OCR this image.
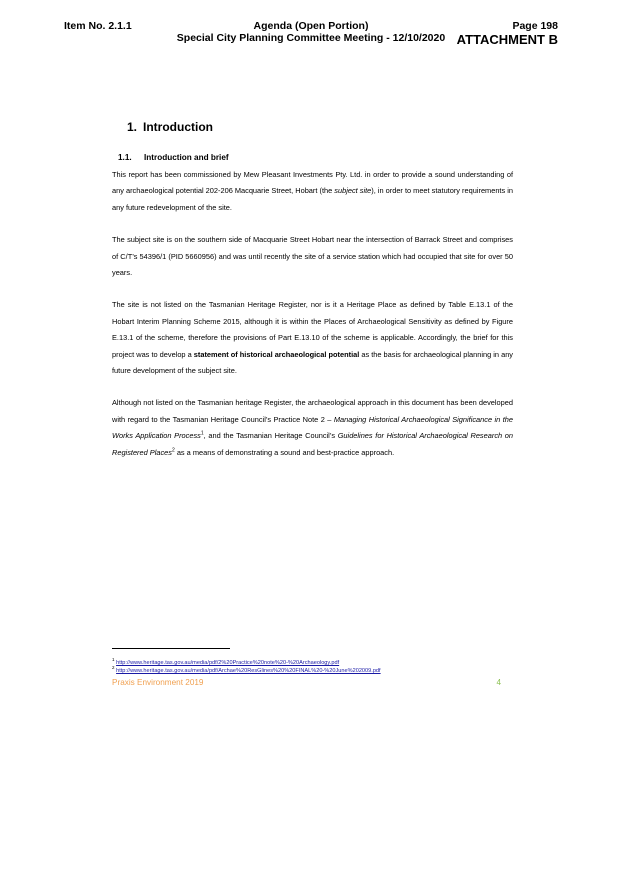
Item No. 2.1.1	Agenda (Open Portion)
Special City Planning Committee Meeting - 12/10/2020
Page 198
ATTACHMENT B
1. Introduction
1.1. Introduction and brief

This report has been commissioned by Mew Pleasant Investments Pty. Ltd. in order to provide a sound understanding of any archaeological potential 202-206 Macquarie Street, Hobart (the subject site), in order to meet statutory requirements in any future redevelopment of the site.

The subject site is on the southern side of Macquarie Street Hobart near the intersection of Barrack Street and comprises of C/T’s 54396/1 (PID 5660956) and was until recently the site of a service station which had occupied that site for over 50 years.

The site is not listed on the Tasmanian Heritage Register, nor is it a Heritage Place as defined by Table E.13.1 of the Hobart Interim Planning Scheme 2015, although it is within the Places of Archaeological Sensitivity as defined by Figure E.13.1 of the scheme, therefore the provisions of Part E.13.10 of the scheme is applicable. Accordingly, the brief for this project was to develop a statement of historical archaeological potential as the basis for archaeological planning in any future development of the subject site.

Although not listed on the Tasmanian heritage Register, the archaeological approach in this document has been developed with regard to the Tasmanian Heritage Council’s Practice Note 2 – Managing Historical Archaeological Significance in the Works Application Process$^1$, and the Tasmanian Heritage Council’s Guidelines for Historical Archaeological Research on Registered Places$^2$ as a means of demonstrating a sound and best-practice approach.

$^1$ http://www.heritage.tas.gov.au/media/pdf/2%20Practice%20note%20-%20Archaeology.pdf
$^2$ http://www.heritage.tas.gov.au/media/pdf/Archae%20ResGlines%20%20FINAL%20-%20June%202009.pdf
Praxis Environment 2019	4
